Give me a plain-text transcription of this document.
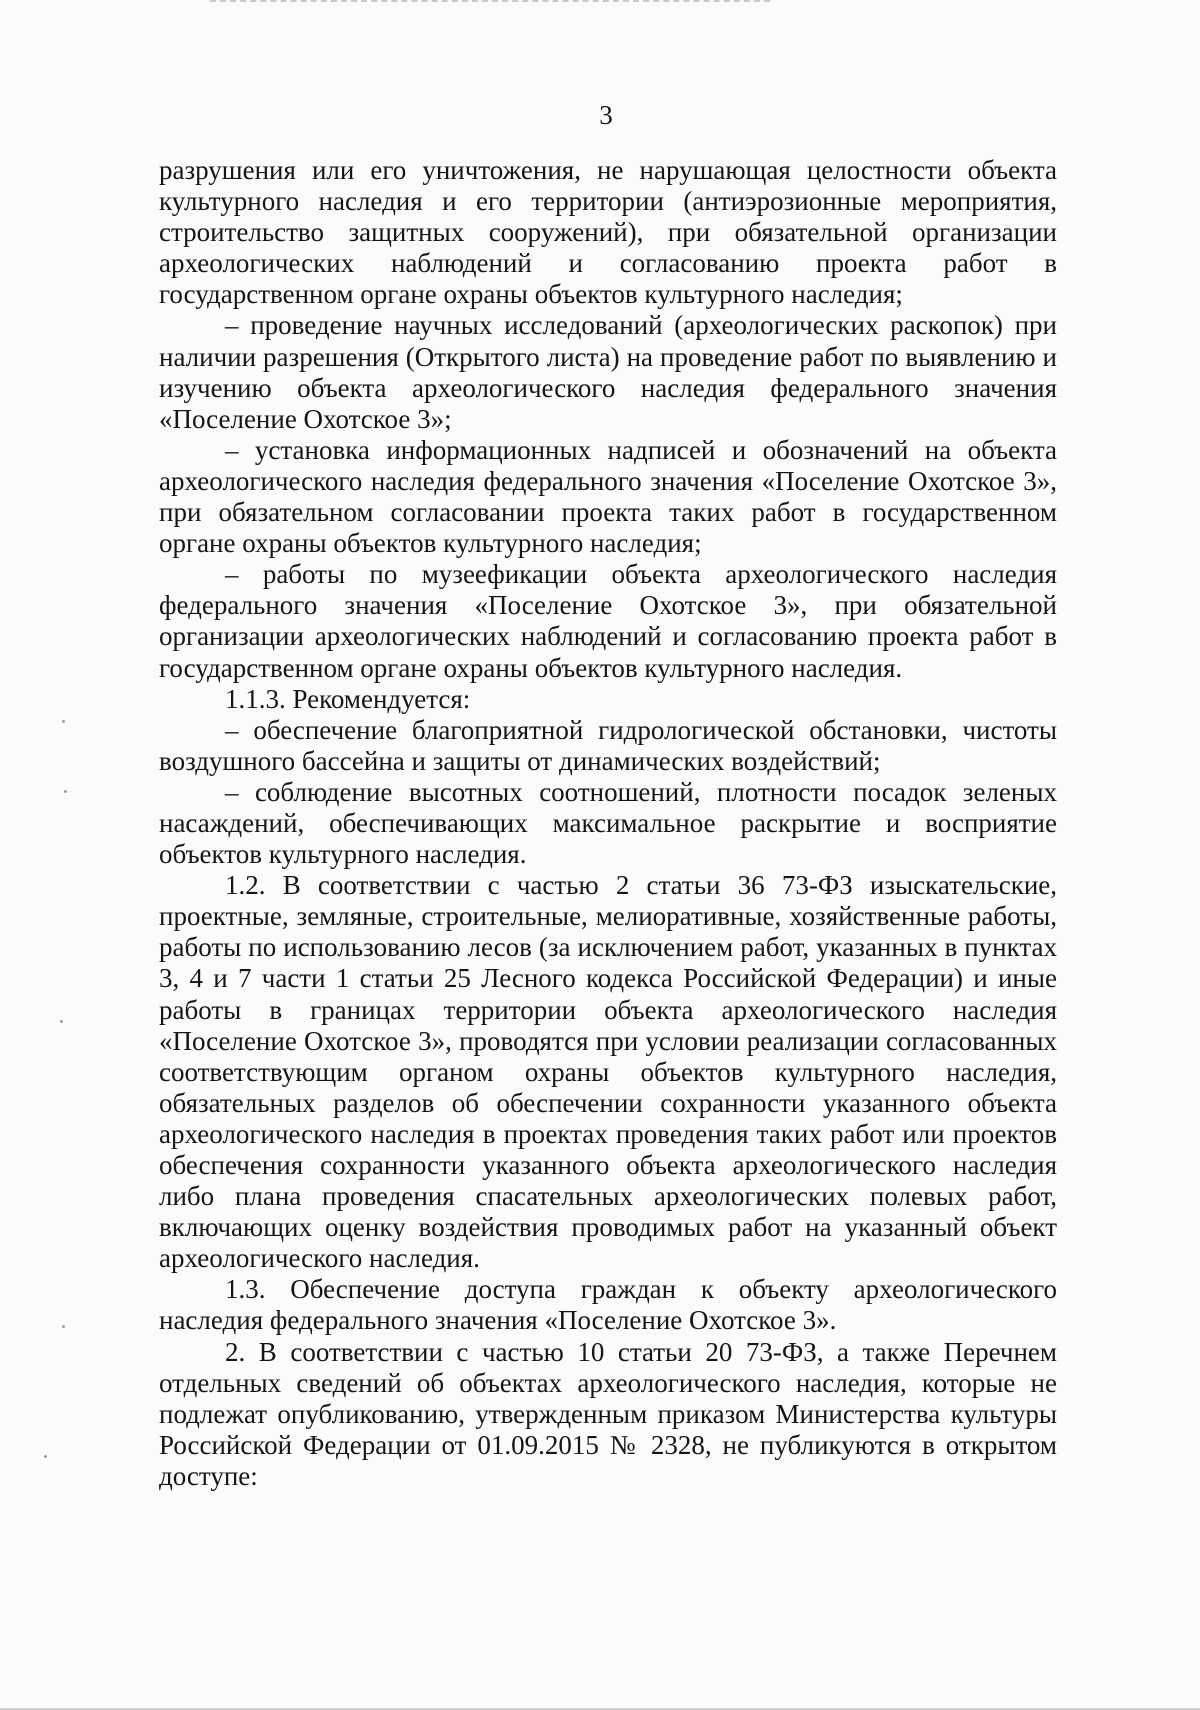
3

разрушения или его уничтожения, не нарушающая целостности объекта культурного наследия и его территории (антиэрозионные мероприятия, строительство защитных сооружений), при обязательной организации археологических наблюдений и согласованию проекта работ в государственном органе охраны объектов культурного наследия;

– проведение научных исследований (археологических раскопок) при наличии разрешения (Открытого листа) на проведение работ по выявлению и изучению объекта археологического наследия федерального значения «Поселение Охотское 3»;

– установка информационных надписей и обозначений на объекта археологического наследия федерального значения «Поселение Охотское 3», при обязательном согласовании проекта таких работ в государственном органе охраны объектов культурного наследия;

– работы по музеефикации объекта археологического наследия федерального значения «Поселение Охотское 3», при обязательной организации археологических наблюдений и согласованию проекта работ в государственном органе охраны объектов культурного наследия.

1.1.3. Рекомендуется:

– обеспечение благоприятной гидрологической обстановки, чистоты воздушного бассейна и защиты от динамических воздействий;

– соблюдение высотных соотношений, плотности посадок зеленых насаждений, обеспечивающих максимальное раскрытие и восприятие объектов культурного наследия.

1.2. В соответствии с частью 2 статьи 36 73-ФЗ изыскательские, проектные, земляные, строительные, мелиоративные, хозяйственные работы, работы по использованию лесов (за исключением работ, указанных в пунктах 3, 4 и 7 части 1 статьи 25 Лесного кодекса Российской Федерации) и иные работы в границах территории объекта археологического наследия «Поселение Охотское 3», проводятся при условии реализации согласованных соответствующим органом охраны объектов культурного наследия, обязательных разделов об обеспечении сохранности указанного объекта археологического наследия в проектах проведения таких работ или проектов обеспечения сохранности указанного объекта археологического наследия либо плана проведения спасательных археологических полевых работ, включающих оценку воздействия проводимых работ на указанный объект археологического наследия.

1.3. Обеспечение доступа граждан к объекту археологического наследия федерального значения «Поселение Охотское 3».

2. В соответствии с частью 10 статьи 20 73-ФЗ, а также Перечнем отдельных сведений об объектах археологического наследия, которые не подлежат опубликованию, утвержденным приказом Министерства культуры Российской Федерации от 01.09.2015 № 2328, не публикуются в открытом доступе:
